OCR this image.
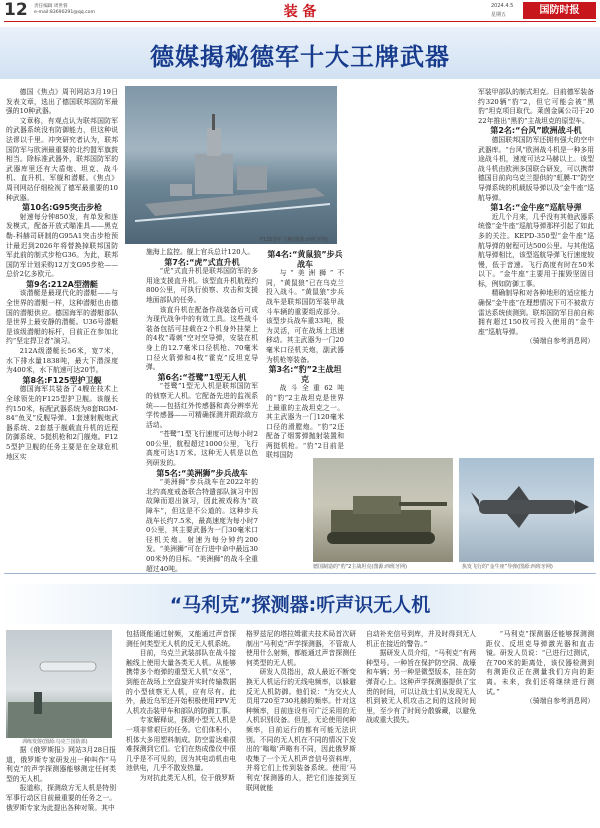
12 责任编辑 周世蓉
e-mail:83690291@qq.com	装 备	2024.4.5
星期五	国防时报
德媒揭秘德军十大王牌武器

德国《焦点》周刊网站3月19日发表文章，选出了德国联邦国防军最强的10种武器。

文章称，有观点认为联邦国防军的武器系统没有防御能力，但这种说法谬以千里。冲突研究者认为，联邦国防军与欧洲最重要的北约盟军旗鼓相当。除标准武器外，联邦国防军的武器库里还有大盾炮、坦克、战斗机、直升机、军舰和潜艇。《焦点》周刊网站仔细检视了德军最重要的10种武器。

第10名:G95突击步枪

射速每分钟850发，有单发和连发模式，配备开放式瞄准具——黑克勒-科赫司研制的G95A1突击步枪预计最迟到2026年将替换掉联邦国防军此前的制式步枪G36。为此，联邦国防军计划采购12万支G95步枪——总价2亿多欧元。

第9名:212A型潜艇

该潜艇是最现代化的潜艇——与全世界的潜艇一样，这种潜艇也由德国的潜艇供应。德国海军的潜艇部队是世界上最安静的潜艇。U36号潜艇是该级潜艇的标杆，目前正在参加北约“坚定捍卫者”演习。

212A级潜艇长56米，宽7米，水下排水量1838吨，最大下潜深度为400米，水下航速可达20节。

第8名:F125型护卫舰

德国海军共装备了4艘在技术上全球领先的F125型护卫舰。该舰长约150米，标配武器系统为8套RGM-84“鱼叉”反舰导弹、1套速射舰炮武器系统、2套基于舰载直升机的近程防御系统、5挺机枪和2门舰炮。F125型护卫舰的任务主要是在全球危机地区实

F125型护卫舰(图源:西班牙网)

施海上监控。舰上官兵总计120人。

第7名:“虎”式直升机

“虎”式直升机是联邦国防军的多用途支援直升机。该型直升机航程约800公里，可执行侦察、攻击和支援地面部队的任务。

该直升机在配备作战装备后可成为现代战争中的有效工具。这些战斗装备包括可挂载在2个机身外挂架上的4枚“毒刺”空对空导弹，安装在机身上的12.7毫米口径机枪、70毫米口径火箭弹和4枚“霍克”反坦克导弹。

第6名:“苍鹭”1型无人机

“苍鹭”1型无人机是联邦国防军的侦察无人机。它配备先进的监视系统——包括红外传感器和高分辨率光学传感器——可精确探测并跟踪敌方活动。

“苍鹭”1型飞行速度可达每小时200公里，航程超过1000公里，飞行高度可达1万米。这种无人机是以色列研发的。

第5名:“美洲狮”步兵战车

“美洲狮”步兵战车在2022年的北约高度戒备联合特遣部队演习中因故障而退出演习，因此被戏称为“故障车”，但这是不公道的。这种步兵战车长约7.5米，最高速度为每小时70公里，其主要武器为一门30毫米口径机关炮。射速为每分钟约200发。“美洲狮”可在行进中命中最远3000米外的目标。“美洲狮”的战斗全重超过40吨。

第4名:“黄鼠狼”步兵战车

与“美洲狮”不同，“黄鼠狼”已在乌克兰投入战斗。“黄鼠狼”步兵战车是联邦国防军装甲战斗车辆的重要组成部分。该型步兵战车重33吨，极为灵活，可在战场上迅速移动。其主武器为一门20毫米口径机关炮，副武器为机枪等装备。

第3名:“豹”2主战坦克

战斗全重62吨的“豹”2主战坦克是世界上最重的主战坦克之一。其主武器为一门120毫米口径的滑膛炮。“豹”2还配备了烟雾弹抛射装置和两挺机枪。“豹”2目前是联邦国防

军装甲部队的制式坦克。目前德军装备约320辆“豹”2，但它可能会被“黑豹”坦克项目取代。莱茵金属公司于2022年推出“黑豹”主战坦克的原型车。

第2名:“台风”欧洲战斗机

德国联邦国防军还拥有强大的空中武器库。“台风”欧洲战斗机是一种多用途战斗机，速度可达2马赫以上。该型战斗机由欧洲多国联合研发，可以携带德国目前向乌克兰提供的“虹膜-T”防空导弹系统的机载版导弹以及“金牛座”巡航导弹。

第1名:“金牛座”巡航导弹

近几个月来，几乎没有其他武器系统像“金牛座”巡航导弹那样引起了如此多的关注。KEPD-350型“金牛座”巡航导弹的射程可达500公里。与其他巡航导弹相比，该型巡航导弹飞行速度较慢，低于音速。飞行高度有时在50米以下。“金牛座”主要用于摧毁坚固目标，例如防御工事。

精确制导和对各种地形的适应能力确保“金牛座”在理想情况下可不被敌方雷达系统侦测到。联邦国防军目前自称拥有超过150枚可投入使用的“金牛座”巡航导弹。

（骑端自参考消息网）

德国制造的“豹”2主战坦克(图源:西班牙网)	执发飞行的“金牛座”导弹(图源:西班牙网)
“马利克”探测器:听声识无人机
训练发射(图源:乌克兰国防部)

据《俄罗斯报》网站3月28日报道，俄罗斯专家研发出一种叫作“马利克”的声学探测器能够测定任何类型的无人机。

报道称，探测敌方无人机是特别军事行动区目前最重要的任务之一。俄罗斯专家为此提出各种对策。其中

包括既能通过射频，又能通过声音探测任何类型无人机的反无人机系统。

目前，乌克兰武装部队在战斗接触线上使用大量各类无人机。从能够携带多个炮弹的重型无人机“女巫”，到能在战场上空盘旋并实时传输数据的小型侦察无人机，应有尽有。此外，最近乌军还开始积极使用FPV无人机攻击装甲车和部队的防御工事。

专家解释说，探测小型无人机是一项非常艰巨的任务。它们体积小，机体大多用塑料制成。防空雷达难很难探测到它们。它们在热成像仪中很几乎是不可见的，因为其电动机由电池供电，几乎不散发热量。

为对抗此类无人机，位于俄罗斯

格罗兹尼的塔拉姆霍夫技术局首次研制出“马利克”声学探测器，不管敌人使用什么射频，都能通过声音探测任何类型的无人机。

研发人员指出，敌人最近不断变换无人机运行的无线电频率，以躲避反无人机防御。他们说：“为交火人员用720至730兆赫的频率。针对这种频率，目前连设有可广泛采用的无人机识别设备。但是，无论使用何种频率，目前运行的都有可能无法识别。不同的无人机在不同的情况下发出的‘嗡嗡’声略有不同，因此俄罗斯收集了一个无人机声音信号资料库，并将它们上传到装备系统。使用‘马利克’探测器的人，把它们连接到互联网就能

自动补充信号到库，并及时得到无人机正在接近的警告。”

据研发人员介绍，“马利克”有两种型号。一种旨在保护防空洞、战壕和车辆；另一种是微型版本，挂在防弹背心上。这种声学探测器提供了宝贵的时间，可以让战士们从发现无人机到被无人机攻击之间的这段时间里，至少有了时间分散躲藏，以避免战或重大损失。

“马利克”探测器还能够探测测距仪、反坦克导弹激光器和直击镜。研发人员说：“已进行过测试，在700米的距离处，该仪器检测到有测距仪正在测量我们方向的距离。未来，我们还将继续进行测试。”

（骑端自参考消息网）
